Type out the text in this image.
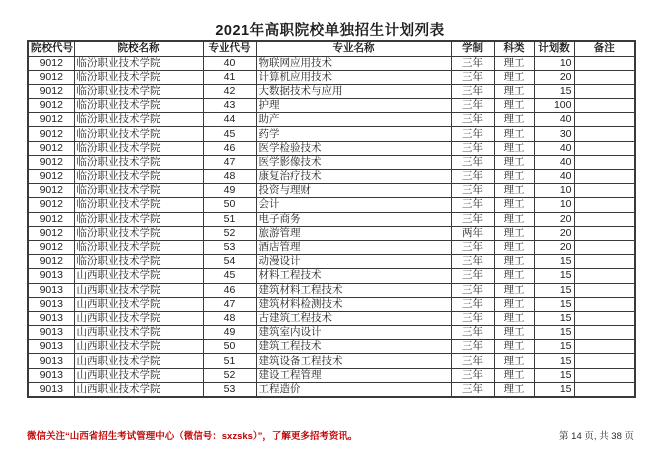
2021年高职院校单独招生计划列表
院校代号	院校名称	专业代号	专业名称	学制	科类	计划数	备注
9012	临汾职业技术学院	40	物联网应用技术	三年	理工	10	
9012	临汾职业技术学院	41	计算机应用技术	三年	理工	20	
9012	临汾职业技术学院	42	大数据技术与应用	三年	理工	15	
9012	临汾职业技术学院	43	护理	三年	理工	100	
9012	临汾职业技术学院	44	助产	三年	理工	40	
9012	临汾职业技术学院	45	药学	三年	理工	30	
9012	临汾职业技术学院	46	医学检验技术	三年	理工	40	
9012	临汾职业技术学院	47	医学影像技术	三年	理工	40	
9012	临汾职业技术学院	48	康复治疗技术	三年	理工	40	
9012	临汾职业技术学院	49	投资与理财	三年	理工	10	
9012	临汾职业技术学院	50	会计	三年	理工	10	
9012	临汾职业技术学院	51	电子商务	三年	理工	20	
9012	临汾职业技术学院	52	旅游管理	两年	理工	20	
9012	临汾职业技术学院	53	酒店管理	三年	理工	20	
9012	临汾职业技术学院	54	动漫设计	三年	理工	15	
9013	山西职业技术学院	45	材料工程技术	三年	理工	15	
9013	山西职业技术学院	46	建筑材料工程技术	三年	理工	15	
9013	山西职业技术学院	47	建筑材料检测技术	三年	理工	15	
9013	山西职业技术学院	48	古建筑工程技术	三年	理工	15	
9013	山西职业技术学院	49	建筑室内设计	三年	理工	15	
9013	山西职业技术学院	50	建筑工程技术	三年	理工	15	
9013	山西职业技术学院	51	建筑设备工程技术	三年	理工	15	
9013	山西职业技术学院	52	建设工程管理	三年	理工	15	
9013	山西职业技术学院	53	工程造价	三年	理工	15	
微信关注“山西省招生考试管理中心（微信号：sxzsks）”，了解更多招考资讯。	第 14 页, 共 38 页
